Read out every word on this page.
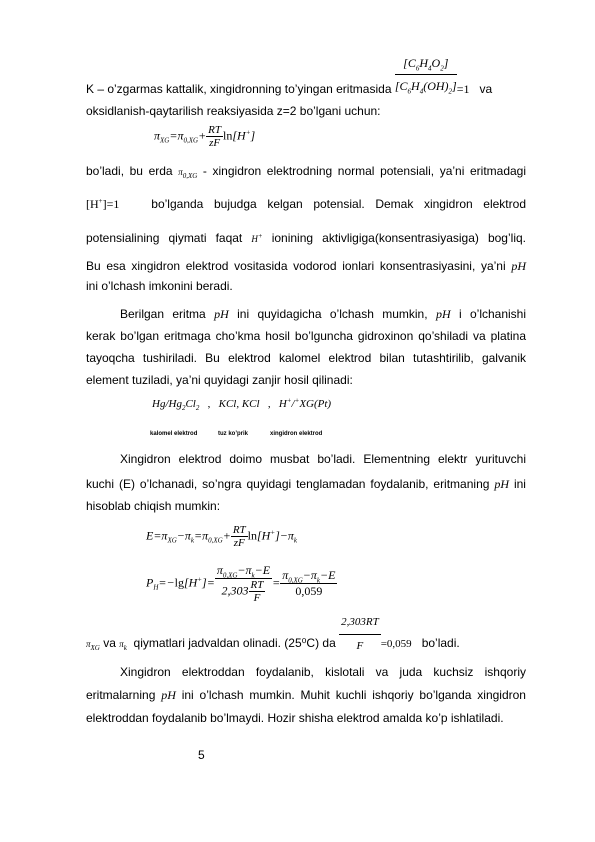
K – o’zgarmas kattalik, xingidronning to’yingan eritmasida $\frac{[C_6H_4O_2]}{[C_6H_4(OH)_2]} =1$ va
oksidlanish-qaytarilish reaksiyasida z=2 bo’lgani uchun:
$\pi_{XG}=\pi_{0,XG}+ \frac{RT}{zF} \ln[H^+]$
bo’ladi, bu erda $\pi_{0,XG}$ - xingidron elektrodning normal potensiali, ya’ni eritmadagi
[H+]=1	bo’lganda bujudga kelgan potensial. Demak xingidron elektrod
potensialining qiymati faqat H+ ionining aktivligiga(konsentrasiyasiga) bog’liq.
Bu esa xingidron elektrod vositasida vodorod ionlari konsentrasiyasini, ya’ni pH
ini o’lchash imkonini beradi.
Berilgan eritma pH ini quyidagicha o’lchash mumkin, pH i o’lchanishi
kerak bo’lgan eritmaga cho’kma hosil bo’lguncha gidroxinon qo’shiladi va platina
tayoqcha tushiriladi. Bu elektrod kalomel elektrod bilan tutashtirilib, galvanik
element tuziladi, ya’ni quyidagi zanjir hosil qilinadi:
$Hg/Hg_2Cl_2$ ,   KCl, KCl   ,   H+/+XG(Pt)
kalomel elektrod	tuz ko’prik	xingidron elektrod
Xingidron elektrod doimo musbat bo’ladi. Elementning elektr yurituvchi
kuchi (E) o’lchanadi, so’ngra quyidagi tenglamadan foydalanib, eritmaning pH ini
hisoblab chiqish mumkin:
$E=\pi_{XG}-\pi_k=\pi_{0,XG}+ \frac{RT}{zF} \ln[H^+]-\pi_k$
$P_H=-\lg[H^+]= \frac{\pi_{0,XG}-\pi_k-E}{2,303 \frac{RT}{F}} = \frac{\pi_{0,XG}-\pi_k-E}{0,059}$
$\pi_{XG}$ va $\pi_k$ qiymatlari jadvaldan olinadi. (25⁰C) da $\frac{2,303RT}{F} =0,059$ bo’ladi.
Xingidron elektroddan foydalanib, kislotali va juda kuchsiz ishqoriy
eritmalarning pH ini o’lchash mumkin. Muhit kuchli ishqoriy bo’lganda xingidron
elektroddan foydalanib bo’lmaydi. Hozir shisha elektrod amalda ko’p ishlatiladi.
5
